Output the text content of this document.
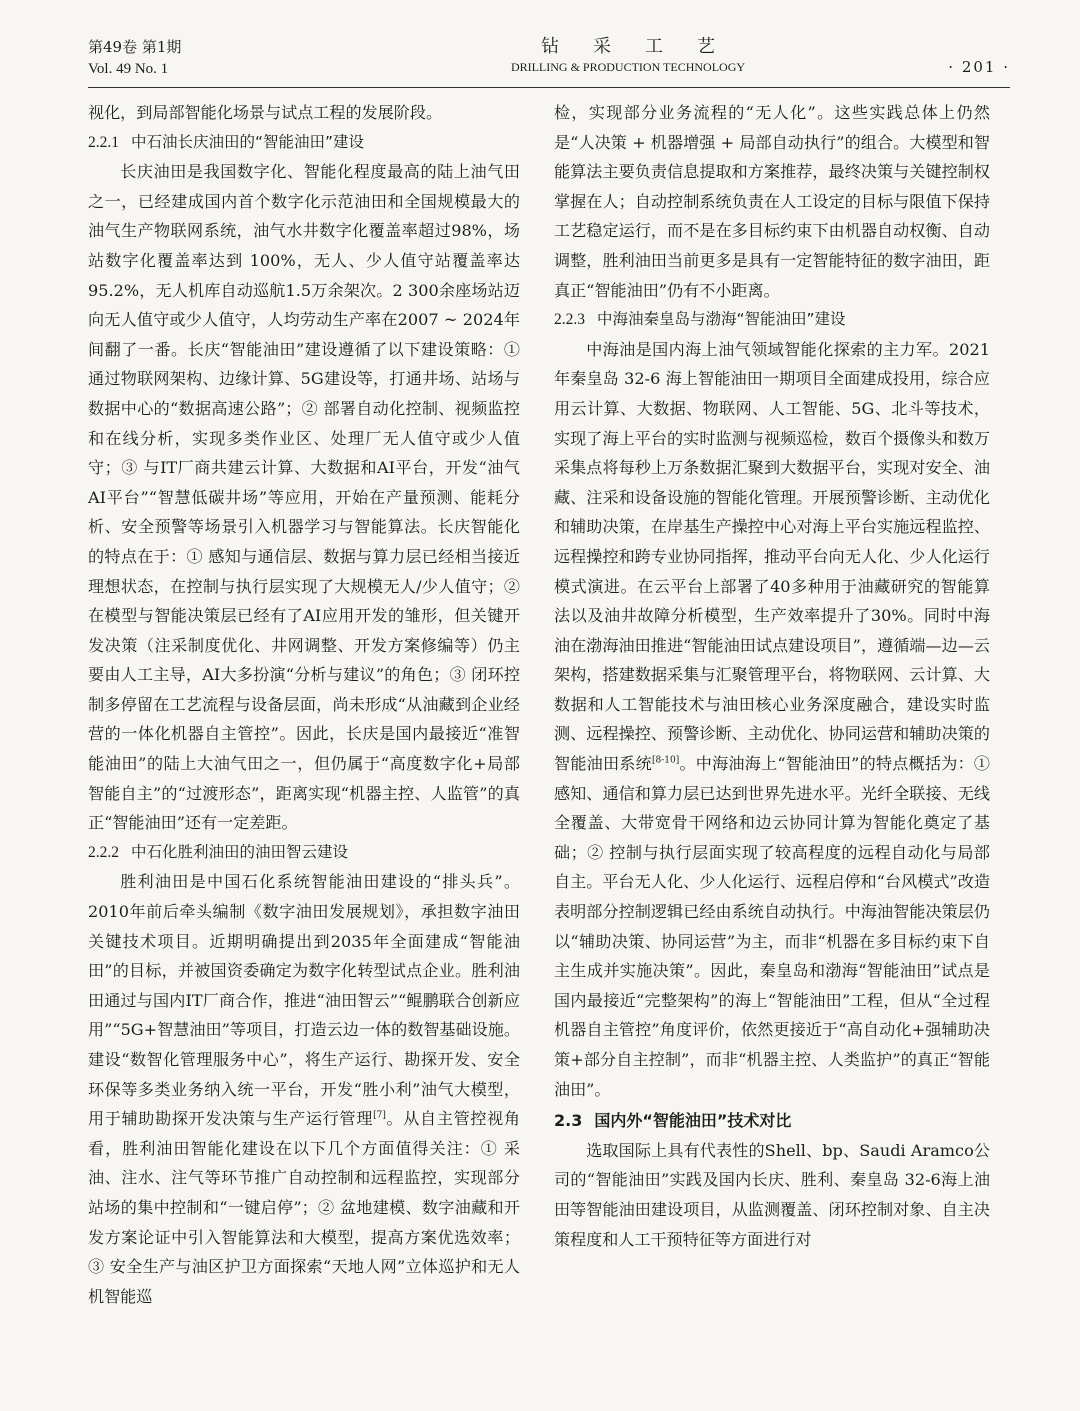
第49卷 第1期
Vol. 49 No. 1
钻采工艺
DRILLING & PRODUCTION TECHNOLOGY	· 201 ·

视化，到局部智能化场景与试点工程的发展阶段。

2.2.1 中石油长庆油田的“智能油田”建设

长庆油田是我国数字化、智能化程度最高的陆上油气田之一，已经建成国内首个数字化示范油田和全国规模最大的油气生产物联网系统，油气水井数字化覆盖率超过98%，场站数字化覆盖率达到 100%，无人、少人值守站覆盖率达95.2%，无人机库自动巡航1.5万余架次。2 300余座场站迈向无人值守或少人值守，人均劳动生产率在2007 ~ 2024年间翻了一番。长庆“智能油田”建设遵循了以下建设策略：① 通过物联网架构、边缘计算、5G建设等，打通井场、站场与数据中心的“数据高速公路”；② 部署自动化控制、视频监控和在线分析，实现多类作业区、处理厂无人值守或少人值守；③ 与IT厂商共建云计算、大数据和AI平台，开发“油气AI平台”“智慧低碳井场”等应用，开始在产量预测、能耗分析、安全预警等场景引入机器学习与智能算法。长庆智能化的特点在于：① 感知与通信层、数据与算力层已经相当接近理想状态，在控制与执行层实现了大规模无人/少人值守；② 在模型与智能决策层已经有了AI应用开发的雏形，但关键开发决策（注采制度优化、井网调整、开发方案修编等）仍主要由人工主导，AI大多扮演“分析与建议”的角色；③ 闭环控制多停留在工艺流程与设备层面，尚未形成“从油藏到企业经营的一体化机器自主管控”。因此，长庆是国内最接近“准智能油田”的陆上大油气田之一，但仍属于“高度数字化+局部智能自主”的“过渡形态”，距离实现“机器主控、人监管”的真正“智能油田”还有一定差距。

2.2.2 中石化胜利油田的油田智云建设

胜利油田是中国石化系统智能油田建设的“排头兵”。2010年前后牵头编制《数字油田发展规划》，承担数字油田关键技术项目。近期明确提出到2035年全面建成“智能油田”的目标，并被国资委确定为数字化转型试点企业。胜利油田通过与国内IT厂商合作，推进“油田智云”“鲲鹏联合创新应用”“5G+智慧油田”等项目，打造云边一体的数智基础设施。建设“数智化管理服务中心”，将生产运行、勘探开发、安全环保等多类业务纳入统一平台，开发“胜小利”油气大模型，用于辅助勘探开发决策与生产运行管理[7]。从自主管控视角看，胜利油田智能化建设在以下几个方面值得关注：① 采油、注水、注气等环节推广自动控制和远程监控，实现部分站场的集中控制和“一键启停”；② 盆地建模、数字油藏和开发方案论证中引入智能算法和大模型，提高方案优选效率；③ 安全生产与油区护卫方面探索“天地人网”立体巡护和无人机智能巡

检，实现部分业务流程的“无人化”。这些实践总体上仍然是“人决策 + 机器增强 + 局部自动执行”的组合。大模型和智能算法主要负责信息提取和方案推荐，最终决策与关键控制权掌握在人；自动控制系统负责在人工设定的目标与限值下保持工艺稳定运行，而不是在多目标约束下由机器自动权衡、自动调整，胜利油田当前更多是具有一定智能特征的数字油田，距真正“智能油田”仍有不小距离。

2.2.3 中海油秦皇岛与渤海“智能油田”建设

中海油是国内海上油气领域智能化探索的主力军。2021年秦皇岛 32-6 海上智能油田一期项目全面建成投用，综合应用云计算、大数据、物联网、人工智能、5G、北斗等技术，实现了海上平台的实时监测与视频巡检，数百个摄像头和数万采集点将每秒上万条数据汇聚到大数据平台，实现对安全、油藏、注采和设备设施的智能化管理。开展预警诊断、主动优化和辅助决策，在岸基生产操控中心对海上平台实施远程监控、远程操控和跨专业协同指挥，推动平台向无人化、少人化运行模式演进。在云平台上部署了40多种用于油藏研究的智能算法以及油井故障分析模型，生产效率提升了30%。同时中海油在渤海油田推进“智能油田试点建设项目”，遵循端—边—云架构，搭建数据采集与汇聚管理平台，将物联网、云计算、大数据和人工智能技术与油田核心业务深度融合，建设实时监测、远程操控、预警诊断、主动优化、协同运营和辅助决策的智能油田系统[8-10]。中海油海上“智能油田”的特点概括为：① 感知、通信和算力层已达到世界先进水平。光纤全联接、无线全覆盖、大带宽骨干网络和边云协同计算为智能化奠定了基础；② 控制与执行层面实现了较高程度的远程自动化与局部自主。平台无人化、少人化运行、远程启停和“台风模式”改造表明部分控制逻辑已经由系统自动执行。中海油智能决策层仍以“辅助决策、协同运营”为主，而非“机器在多目标约束下自主生成并实施决策”。因此，秦皇岛和渤海“智能油田”试点是国内最接近“完整架构”的海上“智能油田”工程，但从“全过程机器自主管控”角度评价，依然更接近于“高自动化+强辅助决策+部分自主控制”，而非“机器主控、人类监护”的真正“智能油田”。

2.3 国内外“智能油田”技术对比

选取国际上具有代表性的Shell、bp、Saudi Aramco公司的“智能油田”实践及国内长庆、胜利、秦皇岛 32-6海上油田等智能油田建设项目，从监测覆盖、闭环控制对象、自主决策程度和人工干预特征等方面进行对
